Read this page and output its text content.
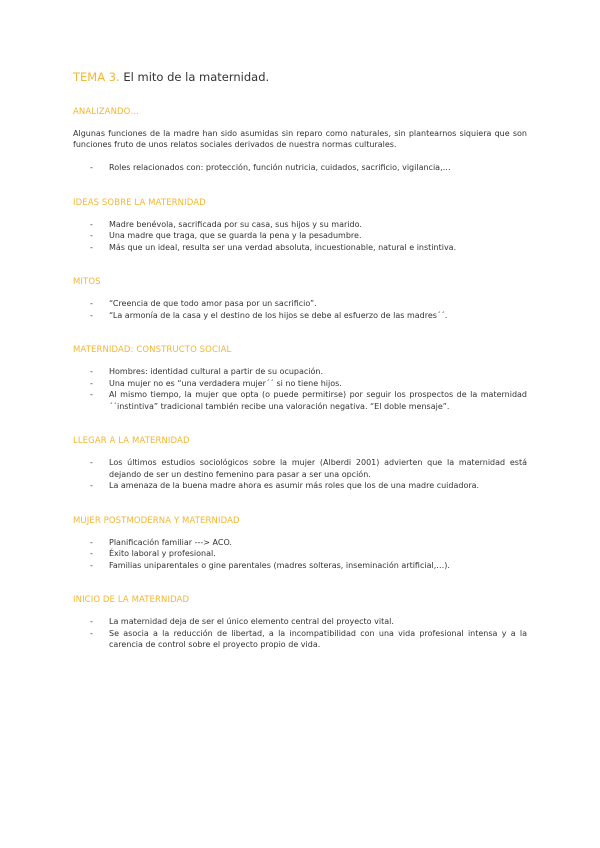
TEMA 3. El mito de la maternidad.
ANALIZANDO…

Algunas funciones de la madre han sido asumidas sin reparo como naturales, sin plantearnos siquiera que son funciones fruto de unos relatos sociales derivados de nuestra normas culturales.

- Roles relacionados con: protección, función nutricia, cuidados, sacrificio, vigilancia,…
IDEAS SOBRE LA MATERNIDAD
- Madre benévola, sacrificada por su casa, sus hijos y su marido.
- Una madre que traga, que se guarda la pena y la pesadumbre.
- Más que un ideal, resulta ser una verdad absoluta, incuestionable, natural e instintiva.
MITOS
- “Creencia de que todo amor pasa por un sacrificio”.
- “La armonía de la casa y el destino de los hijos se debe al esfuerzo de las madres´´.
MATERNIDAD: CONSTRUCTO SOCIAL
- Hombres: identidad cultural a partir de su ocupación.
- Una mujer no es “una verdadera mujer´´ si no tiene hijos.
- Al mismo tiempo, la mujer que opta (o puede permitirse) por seguir los prospectos de la maternidad ´´instintiva” tradicional también recibe una valoración negativa. “El doble mensaje”.
LLEGAR A LA MATERNIDAD
- Los últimos estudios sociológicos sobre la mujer (Alberdi 2001) advierten que la maternidad está dejando de ser un destino femenino para pasar a ser una opción.
- La amenaza de la buena madre ahora es asumir más roles que los de una madre cuidadora.
MUJER POSTMODERNA Y MATERNIDAD
- Planificación familiar ---> ACO.
- Éxito laboral y profesional.
- Familias uniparentales o gine parentales (madres solteras, inseminación artificial,…).
INICIO DE LA MATERNIDAD
- La maternidad deja de ser el único elemento central del proyecto vital.
- Se asocia a la reducción de libertad, a la incompatibilidad con una vida profesional intensa y a la carencia de control sobre el proyecto propio de vida.
